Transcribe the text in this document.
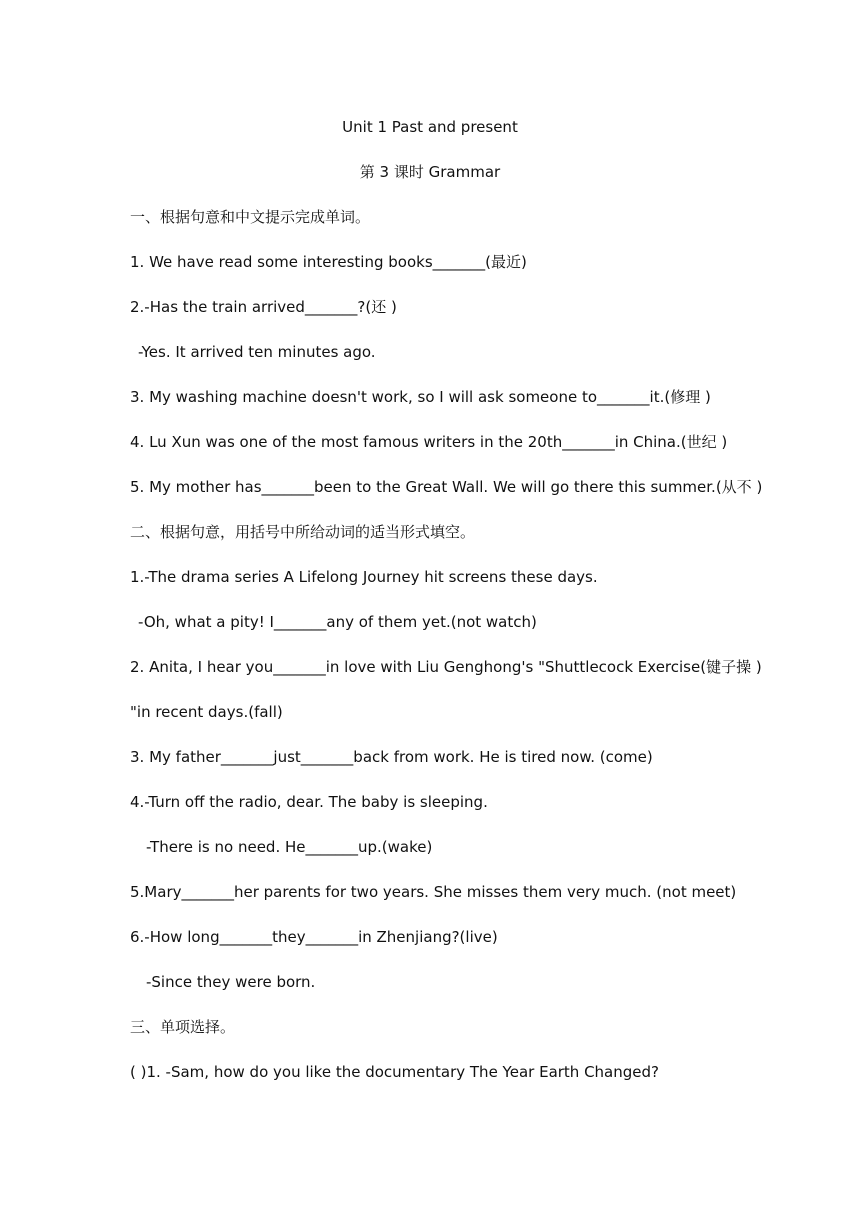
Unit 1 Past and present
第 3 课时 Grammar
一、根据句意和中文提示完成单词。
1. We have read some interesting books_______(最近)
2.-Has the train arrived_______?(还 )
-Yes. It arrived ten minutes ago.
3. My washing machine doesn't work, so I will ask someone to_______it.(修理 )
4. Lu Xun was one of the most famous writers in the 20th_______in China.(世纪 )
5. My mother has_______been to the Great Wall. We will go there this summer.(从不 )
二、根据句意，用括号中所给动词的适当形式填空。
1.-The drama series A Lifelong Journey hit screens these days.
-Oh, what a pity! I_______any of them yet.(not watch)
2. Anita, I hear you_______in love with Liu Genghong's "Shuttlecock Exercise(键子操 )
"in recent days.(fall)
3. My father_______just_______back from work. He is tired now. (come)
4.-Turn off the radio, dear. The baby is sleeping.
-There is no need. He_______up.(wake)
5.Mary_______her parents for two years. She misses them very much. (not meet)
6.-How long_______they_______in Zhenjiang?(live)
-Since they were born.
三、单项选择。
( )1. -Sam, how do you like the documentary The Year Earth Changed?
